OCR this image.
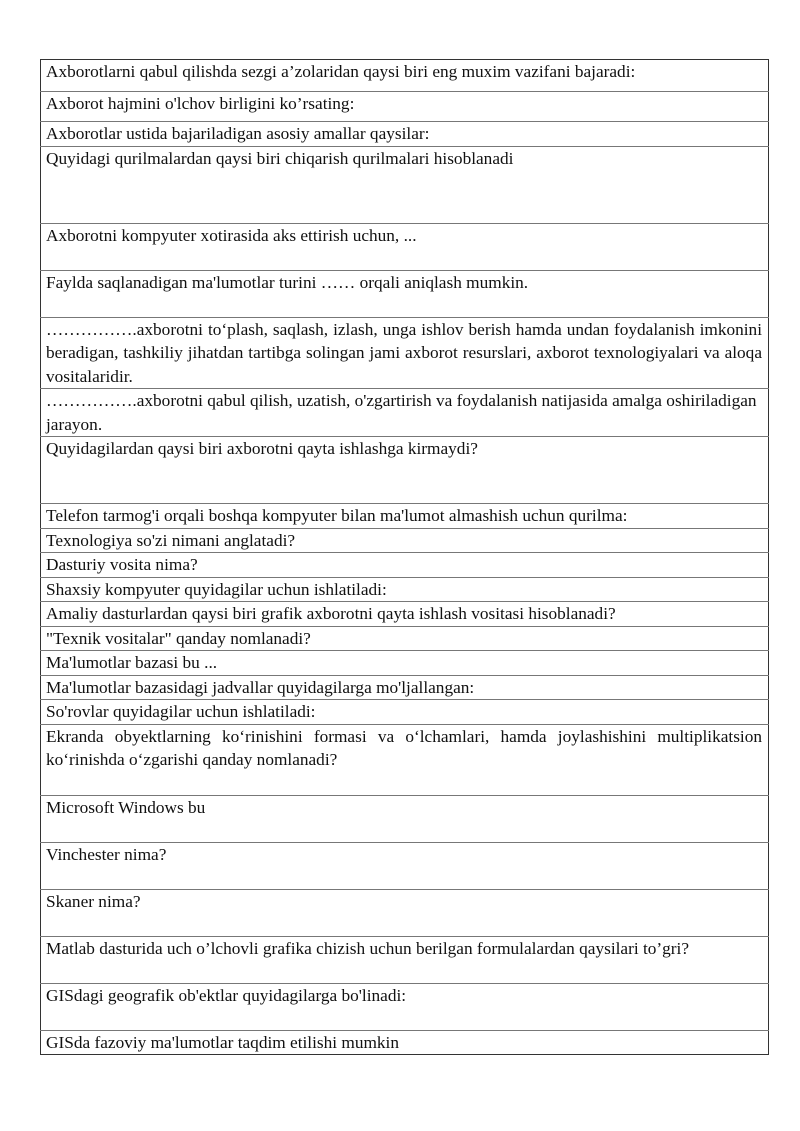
Axborotlarni qabul qilishda sezgi a’zolaridan qaysi biri eng muxim vazifani bajaradi:

Axborot hajmini o'lchov birligini ko’rsating:

Axborotlar ustida bajariladigan asosiy amallar qaysilar:

Quyidagi qurilmalardan qaysi biri chiqarish qurilmalari hisoblanadi

Axborotni kompyuter xotirasida aks ettirish uchun, ...

Faylda saqlanadigan ma'lumotlar turini …… orqali aniqlash mumkin.

…………….axborotni to‘plash, saqlash, izlash, unga ishlov berish hamda undan foydalanish imkonini beradigan, tashkiliy jihatdan tartibga solingan jami axborot resurslari, axborot texnologiyalari va aloqa vositalaridir.

…………….axborotni qabul qilish, uzatish, o'zgartirish va foydalanish natijasida amalga oshiriladigan jarayon.

Quyidagilardan qaysi biri axborotni qayta ishlashga kirmaydi?

Telefon tarmog'i orqali boshqa kompyuter bilan ma'lumot almashish uchun qurilma:

Texnologiya so'zi nimani anglatadi?

Dasturiy vosita nima?

Shaxsiy kompyuter quyidagilar uchun ishlatiladi:

Amaliy dasturlardan qaysi biri grafik axborotni qayta ishlash vositasi hisoblanadi?

"Texnik vositalar" qanday nomlanadi?

Ma'lumotlar bazasi bu ...

Ma'lumotlar bazasidagi jadvallar quyidagilarga mo'ljallangan:

So'rovlar quyidagilar uchun ishlatiladi:

Ekranda obyektlarning ko‘rinishini formasi va o‘lchamlari, hamda joylashishini multiplikatsion ko‘rinishda o‘zgarishi qanday nomlanadi?

Microsoft Windows bu

Vinchester nima?

Skaner nima?

Matlab dasturida uch o’lchovli grafika chizish uchun berilgan formulalardan qaysilari to’gri?

GISdagi geografik ob'ektlar quyidagilarga bo'linadi:

GISda fazoviy ma'lumotlar taqdim etilishi mumkin
